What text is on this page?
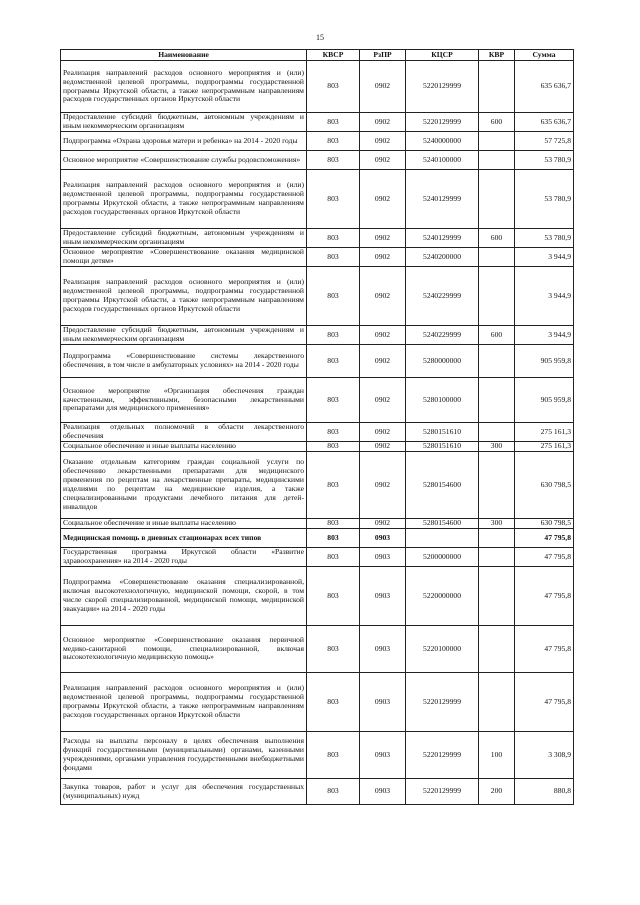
15
Наименование	КВСР	РзПР	КЦСР	КВР	Сумма
Реализация направлений расходов основного мероприятия и (или) ведомственной целевой программы, подпрограммы государственной программы Иркутской области, а также непрограммным направлениям расходов государственных органов Иркутской области	803	0902	5220129999		635 636,7
Предоставление субсидий бюджетным, автономным учреждениям и иным некоммерческим организациям	803	0902	5220129999	600	635 636,7
Подпрограмма «Охрана здоровья матери и ребенка» на 2014 - 2020 годы	803	0902	5240000000		57 725,8
Основное мероприятие «Совершенствование службы родовспоможения»	803	0902	5240100000		53 780,9
Реализация направлений расходов основного мероприятия и (или) ведомственной целевой программы, подпрограммы государственной программы Иркутской области, а также непрограммным направлениям расходов государственных органов Иркутской области	803	0902	5240129999		53 780,9
Предоставление субсидий бюджетным, автономным учреждениям и иным некоммерческим организациям	803	0902	5240129999	600	53 780,9
Основное мероприятие «Совершенствование оказания медицинской помощи детям»	803	0902	5240200000		3 944,9
Реализация направлений расходов основного мероприятия и (или) ведомственной целевой программы, подпрограммы государственной программы Иркутской области, а также непрограммным направлениям расходов государственных органов Иркутской области	803	0902	5240229999		3 944,9
Предоставление субсидий бюджетным, автономным учреждениям и иным некоммерческим организациям	803	0902	5240229999	600	3 944,9
Подпрограмма «Совершенствование системы лекарственного обеспечения, в том числе в амбулаторных условиях» на 2014 - 2020 годы	803	0902	5280000000		905 959,8
Основное мероприятие «Организация обеспечения граждан качественными, эффективными, безопасными лекарственными препаратами для медицинского применения»	803	0902	5280100000		905 959,8
Реализация отдельных полномочий в области лекарственного обеспечения	803	0902	5280151610		275 161,3
Социальное обеспечение и иные выплаты населению	803	0902	5280151610	300	275 161,3
Оказание отдельным категориям граждан социальной услуги по обеспечению лекарственными препаратами для медицинского применения по рецептам на лекарственные препараты, медицинскими изделиями по рецептам на медицинские изделия, а также специализированными продуктами лечебного питания для детей-инвалидов	803	0902	5280154600		630 798,5
Социальное обеспечение и иные выплаты населению	803	0902	5280154600	300	630 798,5
Медицинская помощь в дневных стационарах всех типов	803	0903			47 795,8
Государственная программа Иркутской области «Развитие здравоохранения» на 2014 - 2020 годы	803	0903	5200000000		47 795,8
Подпрограмма «Совершенствование оказания специализированной, включая высокотехнологичную, медицинской помощи, скорой, в том числе скорой специализированной, медицинской помощи, медицинской эвакуации» на 2014 - 2020 годы	803	0903	5220000000		47 795,8
Основное мероприятие «Совершенствование оказания первичной медико-санитарной помощи, специализированной, включая высокотехнологичную медицинскую помощь»	803	0903	5220100000		47 795,8
Реализация направлений расходов основного мероприятия и (или) ведомственной целевой программы, подпрограммы государственной программы Иркутской области, а также непрограммным направлениям расходов государственных органов Иркутской области	803	0903	5220129999		47 795,8
Расходы на выплаты персоналу в целях обеспечения выполнения функций государственными (муниципальными) органами, казенными учреждениями, органами управления государственными внебюджетными фондами	803	0903	5220129999	100	3 308,9
Закупка товаров, работ и услуг для обеспечения государственных (муниципальных) нужд	803	0903	5220129999	200	880,8
